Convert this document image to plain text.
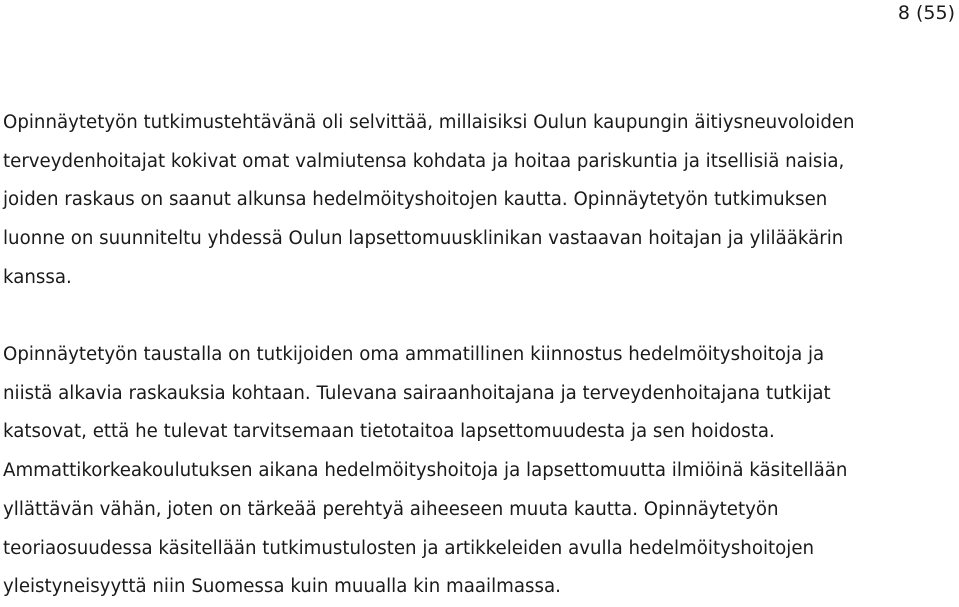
8 (55)
Opinnäytetyön tutkimustehtävänä oli selvittää, millaisiksi Oulun kaupungin äitiysneuvoloiden
terveydenhoitajat kokivat omat valmiutensa kohdata ja hoitaa pariskuntia ja itsellisiä naisia,
joiden raskaus on saanut alkunsa hedelmöityshoitojen kautta. Opinnäytetyön tutkimuksen
luonne on suunniteltu yhdessä Oulun lapsettomuusklinikan vastaavan hoitajan ja ylilääkärin
kanssa.
Opinnäytetyön taustalla on tutkijoiden oma ammatillinen kiinnostus hedelmöityshoitoja ja
niistä alkavia raskauksia kohtaan. Tulevana sairaanhoitajana ja terveydenhoitajana tutkijat
katsovat, että he tulevat tarvitsemaan tietotaitoa lapsettomuudesta ja sen hoidosta.
Ammattikorkeakoulutuksen aikana hedelmöityshoitoja ja lapsettomuutta ilmiöinä käsitellään
yllättävän vähän, joten on tärkeää perehtyä aiheeseen muuta kautta. Opinnäytetyön
teoriaosuudessa käsitellään tutkimustulosten ja artikkeleiden avulla hedelmöityshoitojen
yleistyneisyyttä niin Suomessa kuin muualla kin maailmassa.
